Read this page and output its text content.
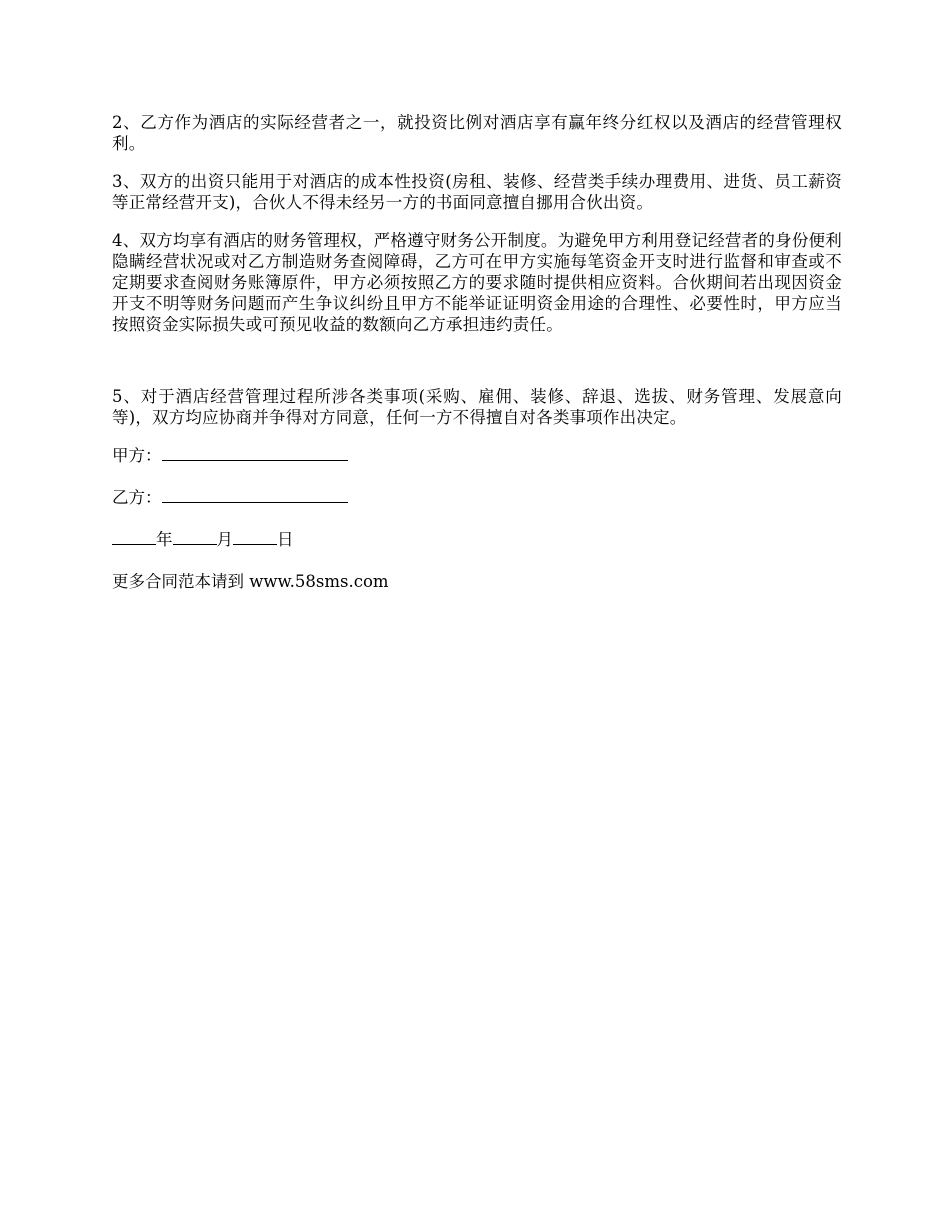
2、乙方作为酒店的实际经营者之一，就投资比例对酒店享有赢年终分红权以及酒店的经营管理权利。

3、双方的出资只能用于对酒店的成本性投资(房租、装修、经营类手续办理费用、进货、员工薪资等正常经营开支)，合伙人不得未经另一方的书面同意擅自挪用合伙出资。

4、双方均享有酒店的财务管理权，严格遵守财务公开制度。为避免甲方利用登记经营者的身份便利隐瞒经营状况或对乙方制造财务查阅障碍，乙方可在甲方实施每笔资金开支时进行监督和审查或不定期要求查阅财务账簿原件，甲方必须按照乙方的要求随时提供相应资料。合伙期间若出现因资金开支不明等财务问题而产生争议纠纷且甲方不能举证证明资金用途的合理性、必要性时，甲方应当按照资金实际损失或可预见收益的数额向乙方承担违约责任。

5、对于酒店经营管理过程所涉各类事项(采购、雇佣、装修、辞退、选拔、财务管理、发展意向等)，双方均应协商并争得对方同意，任何一方不得擅自对各类事项作出决定。

甲方：
乙方：
年	月	日
更多合同范本请到 www.58sms.com
